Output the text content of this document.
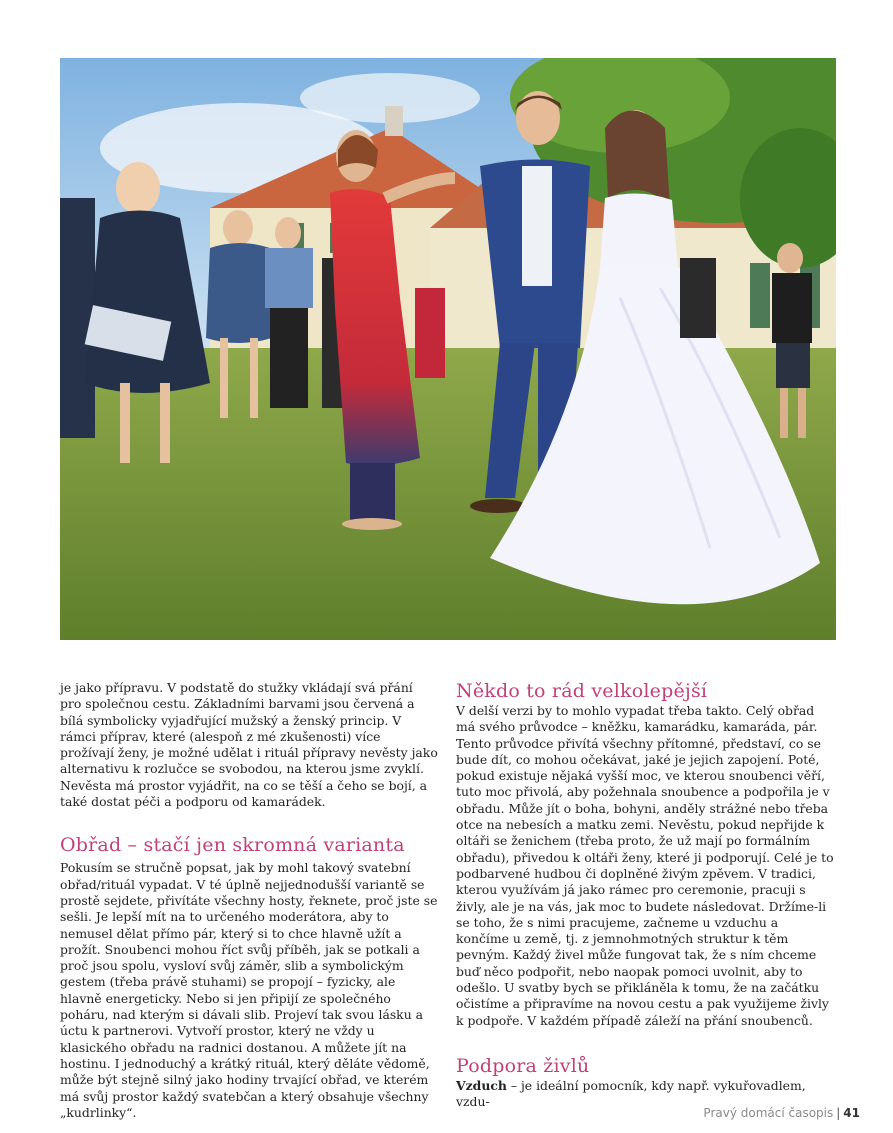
je jako přípravu. V podstatě do stužky vkládají svá přání pro společnou cestu. Základními barvami jsou červená a bílá symbolicky vyjadřující mužský a ženský princip. V rámci příprav, které (alespoň z mé zkušenosti) více prožívají ženy, je možné udělat i rituál přípravy nevěsty jako alternativu k rozlučce se svobodou, na kterou jsme zvyklí. Nevěsta má prostor vyjádřit, na co se těší a čeho se bojí, a také dostat péči a podporu od kamarádek.

Obřad – stačí jen skromná varianta

Pokusím se stručně popsat, jak by mohl takový svatební obřad/rituál vypadat. V té úplně nejjednodušší variantě se prostě sejdete, přivítáte všechny hosty, řeknete, proč jste se sešli. Je lepší mít na to určeného moderátora, aby to nemusel dělat přímo pár, který si to chce hlavně užít a prožít. Snoubenci mohou říct svůj příběh, jak se potkali a proč jsou spolu, vysloví svůj záměr, slib a symbolickým gestem (třeba právě stuhami) se propojí – fyzicky, ale hlavně energeticky. Nebo si jen připijí ze společného poháru, nad kterým si dávali slib. Projeví tak svou lásku a úctu k partnerovi. Vytvoří prostor, který ne vždy u klasického obřadu na radnici dostanou. A můžete jít na hostinu. I jednoduchý a krátký rituál, který děláte vědomě, může být stejně silný jako hodiny trvající obřad, ve kterém má svůj prostor každý svatebčan a který obsahuje všechny „kudrlinky“.

Někdo to rád velkolepější

V delší verzi by to mohlo vypadat třeba takto. Celý obřad má svého průvodce – kněžku, kamarádku, kamaráda, pár. Tento průvodce přivítá všechny přítomné, představí, co se bude dít, co mohou očekávat, jaké je jejich zapojení. Poté, pokud existuje nějaká vyšší moc, ve kterou snoubenci věří, tuto moc přivolá, aby požehnala snoubence a podpořila je v obřadu. Může jít o boha, bohyni, anděly strážné nebo třeba otce na nebesích a matku zemi. Nevěstu, pokud nepřijde k oltáři se ženichem (třeba proto, že už mají po formálním obřadu), přivedou k oltáři ženy, které ji podporují. Celé je to podbarvené hudbou či doplněné živým zpěvem. V tradici, kterou využívám já jako rámec pro ceremonie, pracuji s živly, ale je na vás, jak moc to budete následovat. Držíme-li se toho, že s nimi pracujeme, začneme u vzduchu a končíme u země, tj. z jemnohmotných struktur k těm pevným. Každý živel může fungovat tak, že s ním chceme buď něco podpořit, nebo naopak pomoci uvolnit, aby to odešlo. U svatby bych se přikláněla k tomu, že na začátku očistíme a připravíme na novou cestu a pak využijeme živly k podpoře. V každém případě záleží na přání snoubenců.

Podpora živlů

Vzduch – je ideální pomocník, kdy např. vykuřovadlem, vzdu-

Pravý domácí časopis | 41
